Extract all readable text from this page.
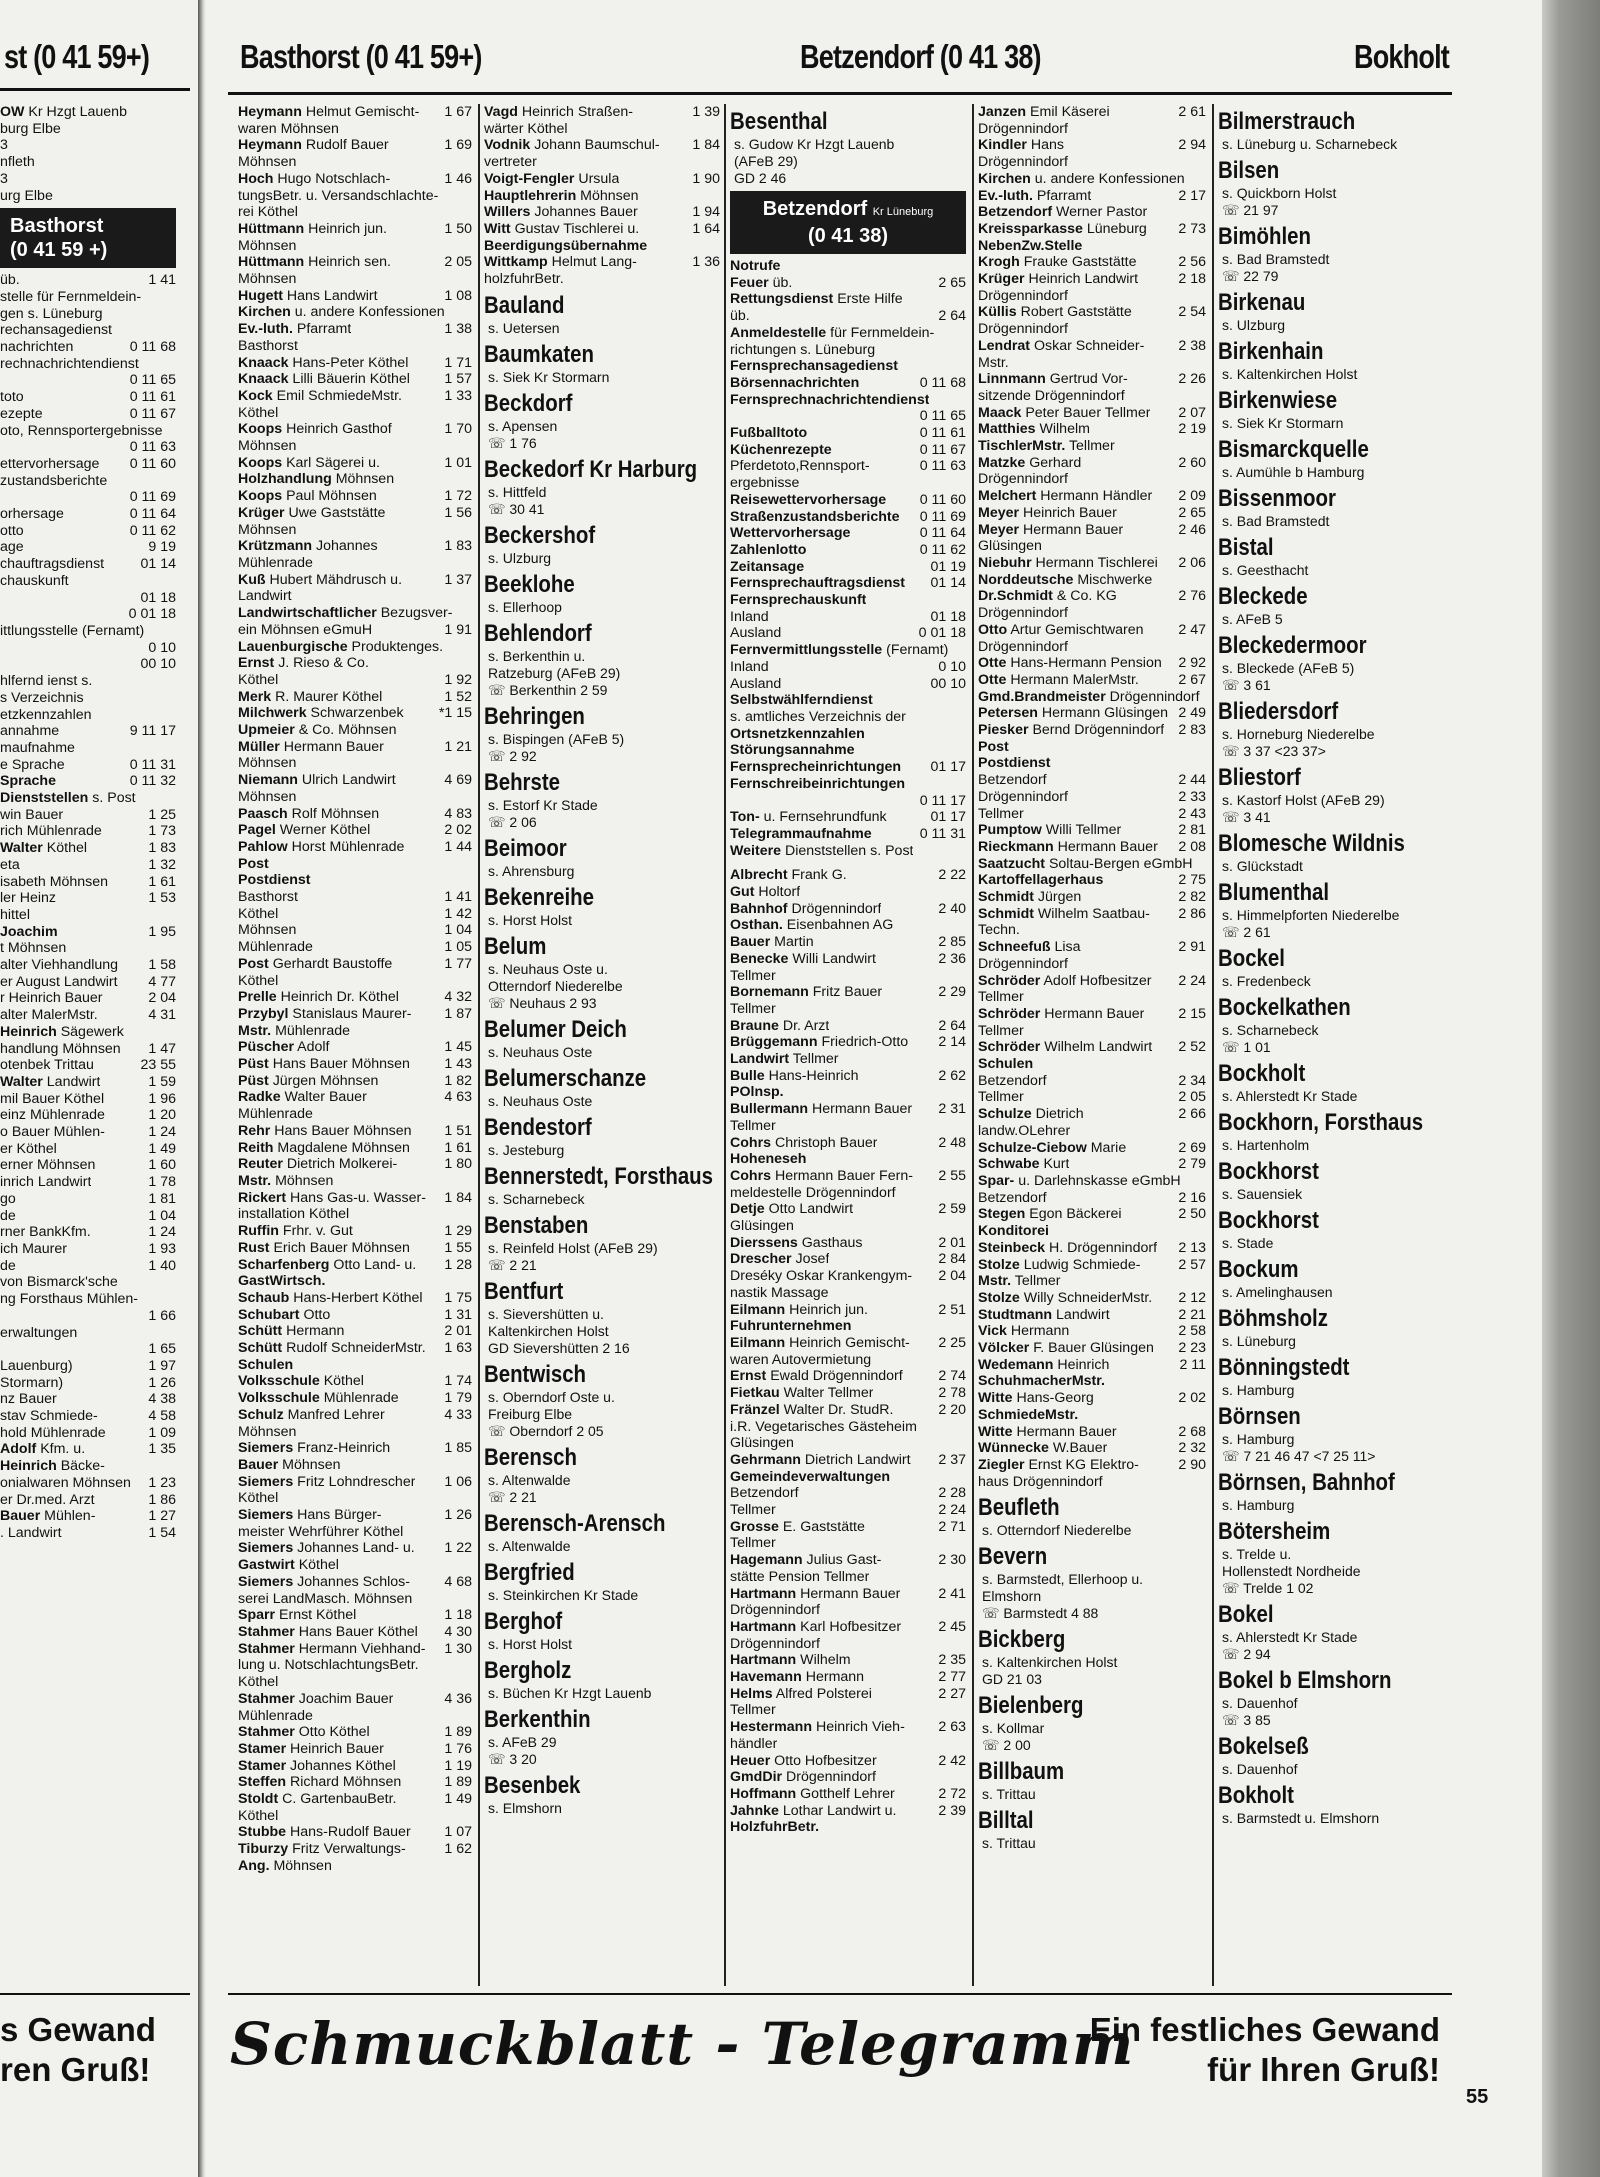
st (0 41 59+)	Basthorst (0 41 59+)	Betzendorf (0 41 38)	Bokholt
OW Kr Hzgt Lauenb
burg Elbe
3
nfleth
3
urg Elbe
Basthorst
(0 41 59 +)
üb.	1 41
stelle für Fernmeldein-
gen s. Lüneburg
rechansagedienst
nachrichten	0 11 68
rechnachrichtendienst
0 11 65
toto	0 11 61
ezepte	0 11 67
oto, Rennsportergebnisse
0 11 63
ettervorhersage 0 11 60
zustandsberichte
0 11 69
orhersage	0 11 64
otto	0 11 62
age	9 19
chauftragsdienst	01 14
chauskunft
01 18
0 01 18
ittlungsstelle (Fernamt)
0 10
00 10
hlfernd ienst s.
s Verzeichnis
etzkennzahlen
annahme	9 11 17
maufnahme
e Sprache	0 11 31
Sprache	0 11 32
Dienststellen s. Post
win Bauer	1 25
rich Mühlenrade	1 73
Walter Köthel	1 83
eta	1 32
isabeth Möhnsen	1 61
ler Heinz	1 53
hittel
Joachim	1 95
t Möhnsen
alter Viehhandlung 1 58
er August Landwirt 4 77
r Heinrich Bauer	2 04
alter MalerMstr.	4 31
Heinrich Sägewerk
handlung Möhnsen 1 47
otenbek Trittau	23 55
Walter Landwirt	1 59
mil Bauer Köthel	1 96
einz Mühlenrade	1 20
o Bauer Mühlen-	1 24
er Köthel	1 49
erner Möhnsen	1 60
inrich Landwirt	1 78
go	1 81
de	1 04
rner BankKfm.	1 24
ich Maurer	1 93
de	1 40
von Bismarck'sche
ng Forsthaus Mühlen-
1 66
erwaltungen
1 65
Lauenburg)	1 97
Stormarn)	1 26
nz Bauer	4 38
stav Schmiede-	4 58
hold Mühlenrade	1 09
Adolf Kfm. u.	1 35
Heinrich Bäcke-
onialwaren Möhnsen 1 23
er Dr.med. Arzt	1 86
Bauer Mühlen-	1 27
. Landwirt	1 54
Heymann Helmut Gemischt- 1 67
waren Möhnsen
Heymann Rudolf Bauer	1 69
Möhnsen
Hoch Hugo Notschlach-	1 46
tungsBetr. u. Versandschlachte-
rei Köthel
Hüttmann Heinrich jun.	1 50
Möhnsen
Hüttmann Heinrich sen.	2 05
Möhnsen
Hugett Hans Landwirt	1 08
Kirchen u. andere Konfessionen
Ev.-luth. Pfarramt	1 38
Basthorst
Knaack Hans-Peter Köthel	1 71
Knaack Lilli Bäuerin Köthel 1 57
Kock Emil SchmiedeMstr.	1 33
Köthel
Koops Heinrich Gasthof	1 70
Möhnsen
Koops Karl Sägerei u.	1 01
Holzhandlung Möhnsen
Koops Paul Möhnsen	1 72
Krüger Uwe Gaststätte	1 56
Möhnsen
Krützmann Johannes	1 83
Mühlenrade
Kuß Hubert Mähdrusch u.	1 37
Landwirt
Landwirtschaftlicher Bezugsver-
ein Möhnsen eGmuH	1 91
Lauenburgische Produktenges.
Ernst J. Rieso & Co.
Köthel	1 92
Merk R. Maurer Köthel	1 52
Milchwerk Schwarzenbek *1 15
Upmeier & Co. Möhnsen
Müller Hermann Bauer	1 21
Möhnsen
Niemann Ulrich Landwirt	4 69
Möhnsen
Paasch Rolf Möhnsen	4 83
Pagel Werner Köthel	2 02
Pahlow Horst Mühlenrade	1 44
Post
Postdienst
Basthorst	1 41
Köthel	1 42
Möhnsen	1 04
Mühlenrade	1 05
Post Gerhardt Baustoffe	1 77
Köthel
Prelle Heinrich Dr. Köthel	4 32
Przybyl Stanislaus Maurer- 1 87
Mstr. Mühlenrade
Püscher Adolf	1 45
Püst Hans Bauer Möhnsen 1 43
Püst Jürgen Möhnsen	1 82
Radke Walter Bauer	4 63
Mühlenrade
Rehr Hans Bauer Möhnsen 1 51
Reith Magdalene Möhnsen 1 61
Reuter Dietrich Molkerei-	1 80
Mstr. Möhnsen
Rickert Hans Gas-u. Wasser- 1 84
installation Köthel
Ruffin Frhr. v. Gut	1 29
Rust Erich Bauer Möhnsen 1 55
Scharfenberg Otto Land- u. 1 28
GastWirtsch.
Schaub Hans-Herbert Köthel 1 75
Schubart Otto	1 31
Schütt Hermann	2 01
Schütt Rudolf SchneiderMstr. 1 63
Schulen
Volksschule Köthel	1 74
Volksschule Mühlenrade	1 79
Schulz Manfred Lehrer	4 33
Möhnsen
Siemers Franz-Heinrich	1 85
Bauer Möhnsen
Siemers Fritz Lohndrescher 1 06
Köthel
Siemers Hans Bürger-	1 26
meister Wehrführer Köthel
Siemers Johannes Land- u. 1 22
Gastwirt Köthel
Siemers Johannes Schlos- 4 68
serei LandMasch. Möhnsen
Sparr Ernst Köthel	1 18
Stahmer Hans Bauer Köthel 4 30
Stahmer Hermann Viehhand- 1 30
lung u. NotschlachtungsBetr.
Köthel
Stahmer Joachim Bauer	4 36
Mühlenrade
Stahmer Otto Köthel	1 89
Stamer Heinrich Bauer	1 76
Stamer Johannes Köthel	1 19
Steffen Richard Möhnsen	1 89
Stoldt C. GartenbauBetr.	1 49
Köthel
Stubbe Hans-Rudolf Bauer 1 07
Tiburzy Fritz Verwaltungs-	1 62
Ang. Möhnsen
Vagd Heinrich Straßen-	1 39
wärter Köthel
Vodnik Johann Baumschul- 1 84
vertreter
Voigt-Fengler Ursula	1 90
Hauptlehrerin Möhnsen
Willers Johannes Bauer	1 94
Witt Gustav Tischlerei u.	1 64
Beerdigungsübernahme
Wittkamp Helmut Lang-	1 36
holzfuhrBetr.
Bauland
s. Uetersen
Baumkaten
s. Siek Kr Stormarn
Beckdorf
s. Apensen
☏ 1 76
Beckedorf Kr Harburg
s. Hittfeld
☏ 30 41
Beckershof
s. Ulzburg
Beeklohe
s. Ellerhoop
Behlendorf
s. Berkenthin u.
Ratzeburg (AFeB 29)
☏ Berkenthin 2 59
Behringen
s. Bispingen (AFeB 5)
☏ 2 92
Behrste
s. Estorf Kr Stade
☏ 2 06
Beimoor
s. Ahrensburg
Bekenreihe
s. Horst Holst
Belum
s. Neuhaus Oste u.
Otterndorf Niederelbe
☏ Neuhaus 2 93
Belumer Deich
s. Neuhaus Oste
Belumerschanze
s. Neuhaus Oste
Bendestorf
s. Jesteburg
Bennerstedt, Forsthaus
s. Scharnebeck
Benstaben
s. Reinfeld Holst (AFeB 29)
☏ 2 21
Bentfurt
s. Sievershütten u.
Kaltenkirchen Holst
GD Sievershütten 2 16
Bentwisch
s. Oberndorf Oste u.
Freiburg Elbe
☏ Oberndorf 2 05
Berensch
s. Altenwalde
☏ 2 21
Berensch-Arensch
s. Altenwalde
Bergfried
s. Steinkirchen Kr Stade
Berghof
s. Horst Holst
Bergholz
s. Büchen Kr Hzgt Lauenb
Berkenthin
s. AFeB 29
☏ 3 20
Besenbek
s. Elmshorn
Besenthal
s. Gudow Kr Hzgt Lauenb
(AFeB 29)
GD 2 46
Betzendorf Kr Lüneburg
(0 41 38)
Notrufe
Feuer üb.	2 65
Rettungsdienst Erste Hilfe
üb.	2 64
Anmeldestelle für Fernmeldein-
richtungen s. Lüneburg
Fernsprechansagedienst
Börsennachrichten	0 11 68
Fernsprechnachrichtendienst
0 11 65
Fußballtoto	0 11 61
Küchenrezepte	0 11 67
Pferdetoto,Rennsport-	0 11 63
ergebnisse
Reisewettervorhersage 0 11 60
Straßenzustandsberichte 0 11 69
Wettervorhersage	0 11 64
Zahlenlotto	0 11 62
Zeitansage	01 19
Fernsprechauftragsdienst 01 14
Fernsprechauskunft
Inland	01 18
Ausland	0 01 18
Fernvermittlungsstelle (Fernamt)
Inland	0 10
Ausland	00 10
Selbstwählferndienst
s. amtliches Verzeichnis der
Ortsnetzkennzahlen
Störungsannahme
Fernsprecheinrichtungen 01 17
Fernschreibeinrichtungen
0 11 17
Ton- u. Fernsehrundfunk	01 17
Telegrammaufnahme	0 11 31
Weitere Dienststellen s. Post
Albrecht Frank G.	2 22
Gut Holtorf
Bahnhof Drögennindorf	2 40
Osthan. Eisenbahnen AG
Bauer Martin	2 85
Benecke Willi Landwirt	2 36
Tellmer
Bornemann Fritz Bauer	2 29
Tellmer
Braune Dr. Arzt	2 64
Brüggemann Friedrich-Otto 2 14
Landwirt Tellmer
Bulle Hans-Heinrich	2 62
POlnsp.
Bullermann Hermann Bauer 2 31
Tellmer
Cohrs Christoph Bauer	2 48
Hoheneseh
Cohrs Hermann Bauer Fern- 2 55
meldestelle Drögennindorf
Detje Otto Landwirt	2 59
Glüsingen
Dierssens Gasthaus	2 01
Drescher Josef	2 84
Dreséky Oskar Krankengym- 2 04
nastik Massage
Eilmann Heinrich jun.	2 51
Fuhrunternehmen
Eilmann Heinrich Gemischt- 2 25
waren Autovermietung
Ernst Ewald Drögennindorf	2 74
Fietkau Walter Tellmer	2 78
Fränzel Walter Dr. StudR.	2 20
i.R. Vegetarisches Gästeheim
Glüsingen
Gehrmann Dietrich Landwirt 2 37
Gemeindeverwaltungen
Betzendorf	2 28
Tellmer	2 24
Grosse E. Gaststätte	2 71
Tellmer
Hagemann Julius Gast-	2 30
stätte Pension Tellmer
Hartmann Hermann Bauer	2 41
Drögennindorf
Hartmann Karl Hofbesitzer	2 45
Drögennindorf
Hartmann Wilhelm	2 35
Havemann Hermann	2 77
Helms Alfred Polsterei	2 27
Tellmer
Hestermann Heinrich Vieh- 2 63
händler
Heuer Otto Hofbesitzer	2 42
GmdDir Drögennindorf
Hoffmann Gotthelf Lehrer	2 72
Jahnke Lothar Landwirt u.	2 39
HolzfuhrBetr.
Janzen Emil Käserei	2 61
Drögennindorf
Kindler Hans	2 94
Drögennindorf
Kirchen u. andere Konfessionen
Ev.-luth. Pfarramt	2 17
Betzendorf Werner Pastor
Kreissparkasse Lüneburg 2 73
NebenZw.Stelle
Krogh Frauke Gaststätte	2 56
Krüger Heinrich Landwirt	2 18
Drögennindorf
Küllis Robert Gaststätte	2 54
Drögennindorf
Lendrat Oskar Schneider- 2 38
Mstr.
Linnmann Gertrud Vor-	2 26
sitzende Drögennindorf
Maack Peter Bauer Tellmer 2 07
Matthies Wilhelm	2 19
TischlerMstr. Tellmer
Matzke Gerhard	2 60
Drögennindorf
Melchert Hermann Händler 2 09
Meyer Heinrich Bauer	2 65
Meyer Hermann Bauer	2 46
Glüsingen
Niebuhr Hermann Tischlerei 2 06
Norddeutsche Mischwerke
Dr.Schmidt & Co. KG	2 76
Drögennindorf
Otto Artur Gemischtwaren 2 47
Drögennindorf
Otte Hans-Hermann Pension 2 92
Otte Hermann MalerMstr.	2 67
Gmd.Brandmeister Drögennindorf
Petersen Hermann Glüsingen 2 49
Piesker Bernd Drögennindorf 2 83
Post
Postdienst
Betzendorf	2 44
Drögennindorf	2 33
Tellmer	2 43
Pumptow Willi Tellmer	2 81
Rieckmann Hermann Bauer 2 08
Saatzucht Soltau-Bergen eGmbH
Kartoffellagerhaus	2 75
Schmidt Jürgen	2 82
Schmidt Wilhelm Saatbau- 2 86
Techn.
Schneefuß Lisa	2 91
Drögennindorf
Schröder Adolf Hofbesitzer 2 24
Tellmer
Schröder Hermann Bauer 2 15
Tellmer
Schröder Wilhelm Landwirt 2 52
Schulen
Betzendorf	2 34
Tellmer	2 05
Schulze Dietrich	2 66
landw.OLehrer
Schulze-Ciebow Marie	2 69
Schwabe Kurt	2 79
Spar- u. Darlehnskasse eGmbH
Betzendorf	2 16
Stegen Egon Bäckerei	2 50
Konditorei
Steinbeck H. Drögennindorf 2 13
Stolze Ludwig Schmiede-	2 57
Mstr. Tellmer
Stolze Willy SchneiderMstr. 2 12
Studtmann Landwirt	2 21
Vick Hermann	2 58
Völcker F. Bauer Glüsingen 2 23
Wedemann Heinrich	2 11
SchuhmacherMstr.
Witte Hans-Georg	2 02
SchmiedeMstr.
Witte Hermann Bauer	2 68
Wünnecke W.Bauer	2 32
Ziegler Ernst KG Elektro-	2 90
haus Drögennindorf
Beufleth
s. Otterndorf Niederelbe
Bevern
s. Barmstedt, Ellerhoop u.
Elmshorn
☏ Barmstedt 4 88
Bickberg
s. Kaltenkirchen Holst
GD 21 03
Bielenberg
s. Kollmar
☏ 2 00
Billbaum
s. Trittau
Billtal
s. Trittau
Bilmerstrauch
s. Lüneburg u. Scharnebeck
Bilsen
s. Quickborn Holst
☏ 21 97
Bimöhlen
s. Bad Bramstedt
☏ 22 79
Birkenau
s. Ulzburg
Birkenhain
s. Kaltenkirchen Holst
Birkenwiese
s. Siek Kr Stormarn
Bismarckquelle
s. Aumühle b Hamburg
Bissenmoor
s. Bad Bramstedt
Bistal
s. Geesthacht
Bleckede
s. AFeB 5
Bleckedermoor
s. Bleckede (AFeB 5)
☏ 3 61
Bliedersdorf
s. Horneburg Niederelbe
☏ 3 37 <23 37>
Bliestorf
s. Kastorf Holst (AFeB 29)
☏ 3 41
Blomesche Wildnis
s. Glückstadt
Blumenthal
s. Himmelpforten Niederelbe
☏ 2 61
Bockel
s. Fredenbeck
Bockelkathen
s. Scharnebeck
☏ 1 01
Bockholt
s. Ahlerstedt Kr Stade
Bockhorn, Forsthaus
s. Hartenholm
Bockhorst
s. Sauensiek
Bockhorst
s. Stade
Bockum
s. Amelinghausen
Böhmsholz
s. Lüneburg
Bönningstedt
s. Hamburg
Börnsen
s. Hamburg
☏ 7 21 46 47 <7 25 11>
Börnsen, Bahnhof
s. Hamburg
Bötersheim
s. Trelde u.
Hollenstedt Nordheide
☏ Trelde 1 02
Bokel
s. Ahlerstedt Kr Stade
☏ 2 94
Bokel b Elmshorn
s. Dauenhof
☏ 3 85
Bokelseß
s. Dauenhof
Bokholt
s. Barmstedt u. Elmshorn
Schmuckblatt - Telegramm
Ein festliches Gewand
für Ihren Gruß!
s Gewand
ren Gruß!
55
